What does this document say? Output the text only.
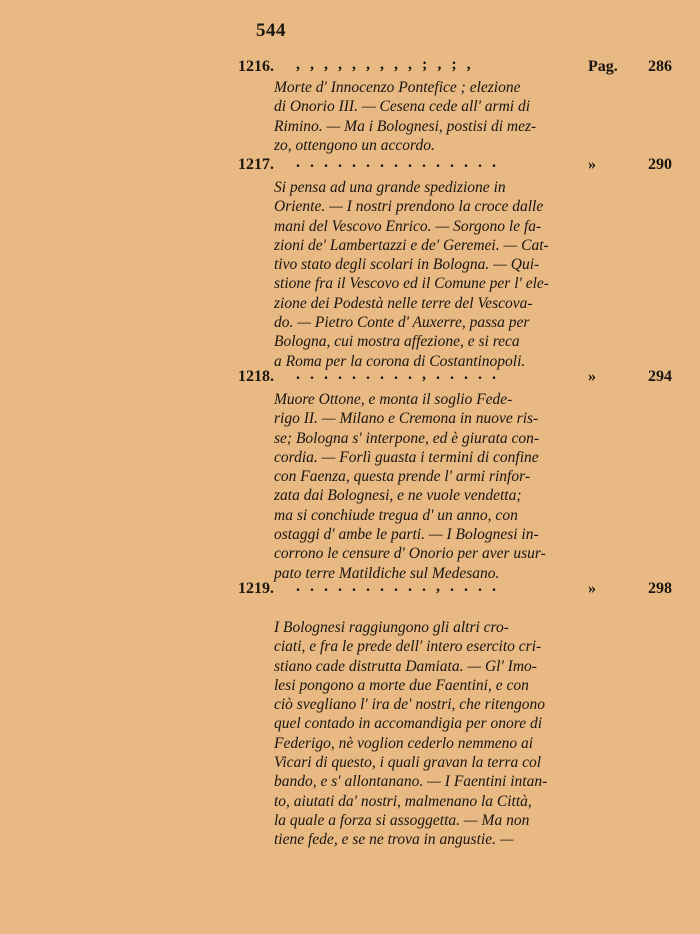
544
1216. , , , , , , , , , ; , ; ,	Pag. 286
Morte d' Innocenzo Pontefice ; elezione
di Onorio III. — Cesena cede all' armi di
Rimino. — Ma i Bolognesi, postisi di mez-
zo, ottengono un accordo.
1217. . . . . . . . . . . . . . . .	»	290
Si pensa ad una grande spedizione in
Oriente. — I nostri prendono la croce dalle
mani del Vescovo Enrico. — Sorgono le fa-
zioni de' Lambertazzi e de' Geremei. — Cat-
tivo stato degli scolari in Bologna. — Qui-
stione fra il Vescovo ed il Comune per l' ele-
zione dei Podestà nelle terre del Vescova-
do. — Pietro Conte d' Auxerre, passa per
Bologna, cui mostra affezione, e si reca
a Roma per la corona di Costantinopoli.
1218. . . . . . . . . . , . . . . .	»	294
Muore Ottone, e monta il soglio Fede-
rigo II. — Milano e Cremona in nuove ris-
se; Bologna s' interpone, ed è giurata con-
cordia. — Forlì guasta i termini di confine
con Faenza, questa prende l' armi rinfor-
zata dai Bolognesi, e ne vuole vendetta;
ma si conchiude tregua d' un anno, con
ostaggi d' ambe le parti. — I Bolognesi in-
corrono le censure d' Onorio per aver usur-
pato terre Matildiche sul Medesano.
1219. . . . . . . . . . . , . . . .	»	298
I Bolognesi raggiungono gli altri cro-
ciati, e fra le prede dell' intero esercito cri-
stiano cade distrutta Damiata. — Gl' Imo-
lesi pongono a morte due Faentini, e con
ciò svegliano l' ira de' nostri, che ritengono
quel contado in accomandigia per onore di
Federigo, nè voglion cederlo nemmeno ai
Vicari di questo, i quali gravan la terra col
bando, e s' allontanano. — I Faentini intan-
to, aiutati da' nostri, malmenano la Città,
la quale a forza si assoggetta. — Ma non
tiene fede, e se ne trova in angustie. —
